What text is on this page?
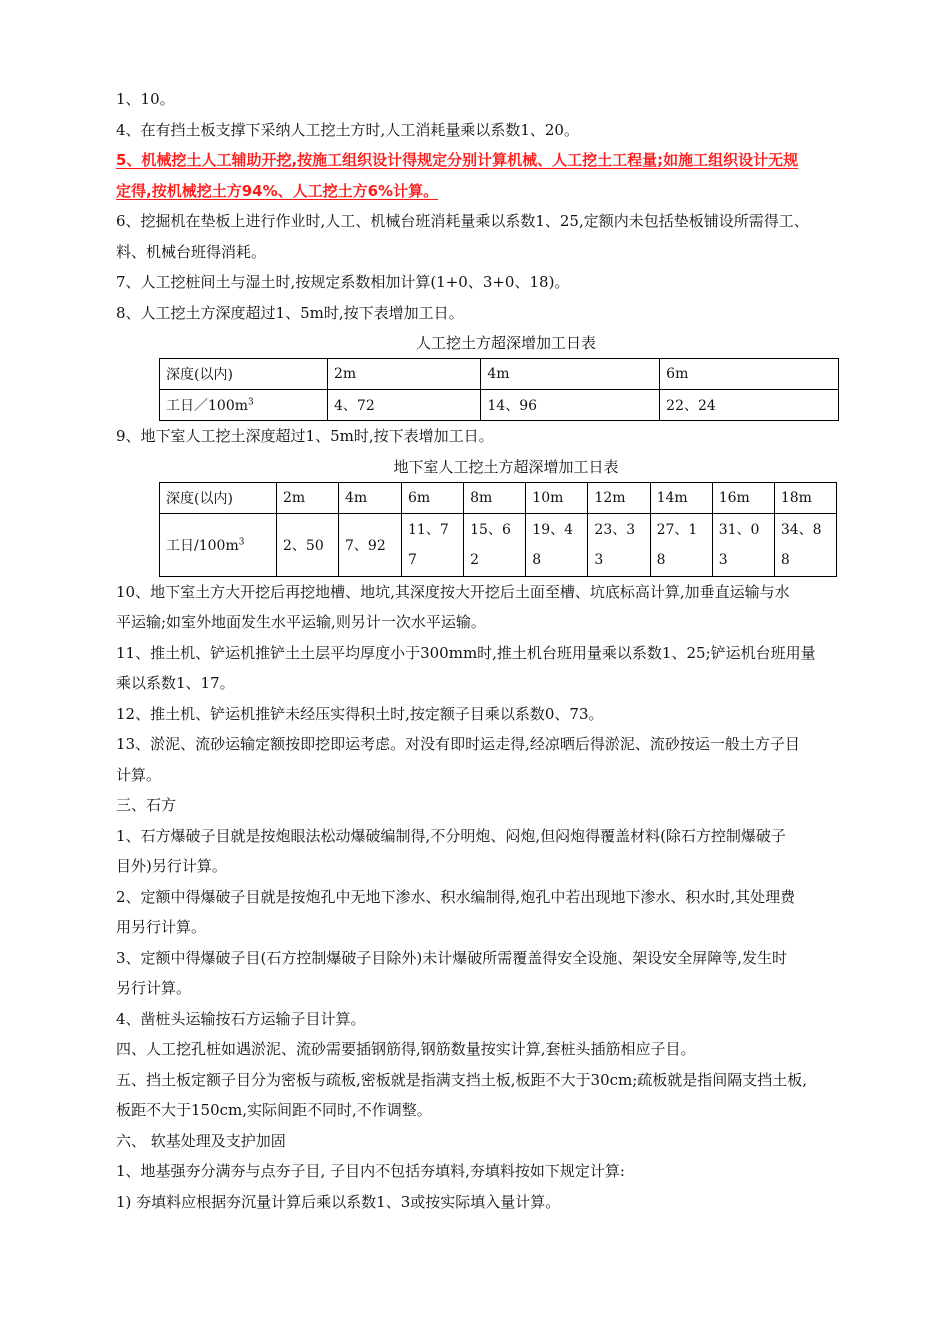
1、10。

4、在有挡土板支撑下采纳人工挖土方时,人工消耗量乘以系数1、20。

5、机械挖土人工辅助开挖,按施工组织设计得规定分别计算机械、人工挖土工程量;如施工组织设计无规

定得,按机械挖土方94%、人工挖土方6%计算。

6、挖掘机在垫板上进行作业时,人工、机械台班消耗量乘以系数1、25,定额内未包括垫板铺设所需得工、

料、机械台班得消耗。

7、人工挖桩间土与湿土时,按规定系数相加计算(1+0、3+0、18)。

8、人工挖土方深度超过1、5m时,按下表增加工日。

人工挖土方超深增加工日表

深度(以内)	2m	4m	6m
工日$/100m^3$	4、72	14、96	22、24

9、地下室人工挖土深度超过1、5m时,按下表增加工日。

地下室人工挖土方超深增加工日表

深度(以内)	2m	4m	6m	8m	10m	12m	14m	16m	18m
工日$/100m^3$	2、50	7、92	11、77	15、62	19、48	23、33	27、18	31、03	34、88

10、地下室土方大开挖后再挖地槽、地坑,其深度按大开挖后土面至槽、坑底标高计算,加垂直运输与水

平运输;如室外地面发生水平运输,则另计一次水平运输。

11、推土机、铲运机推铲土土层平均厚度小于300mm时,推土机台班用量乘以系数1、25;铲运机台班用量

乘以系数1、17。

12、推土机、铲运机推铲未经压实得积土时,按定额子目乘以系数0、73。

13、淤泥、流砂运输定额按即挖即运考虑。对没有即时运走得,经凉晒后得淤泥、流砂按运一般土方子目

计算。

三、石方

1、石方爆破子目就是按炮眼法松动爆破编制得,不分明炮、闷炮,但闷炮得覆盖材料(除石方控制爆破子

目外)另行计算。

2、定额中得爆破子目就是按炮孔中无地下渗水、积水编制得,炮孔中若出现地下渗水、积水时,其处理费

用另行计算。

3、定额中得爆破子目(石方控制爆破子目除外)未计爆破所需覆盖得安全设施、架设安全屏障等,发生时

另行计算。

4、凿桩头运输按石方运输子目计算。

四、人工挖孔桩如遇淤泥、流砂需要插钢筋得,钢筋数量按实计算,套桩头插筋相应子目。

五、挡土板定额子目分为密板与疏板,密板就是指满支挡土板,板距不大于30cm;疏板就是指间隔支挡土板,

板距不大于150cm,实际间距不同时,不作调整。

六、 软基处理及支护加固

1、地基强夯分满夯与点夯子目, 子目内不包括夯填料,夯填料按如下规定计算:

1) 夯填料应根据夯沉量计算后乘以系数1、3或按实际填入量计算。
